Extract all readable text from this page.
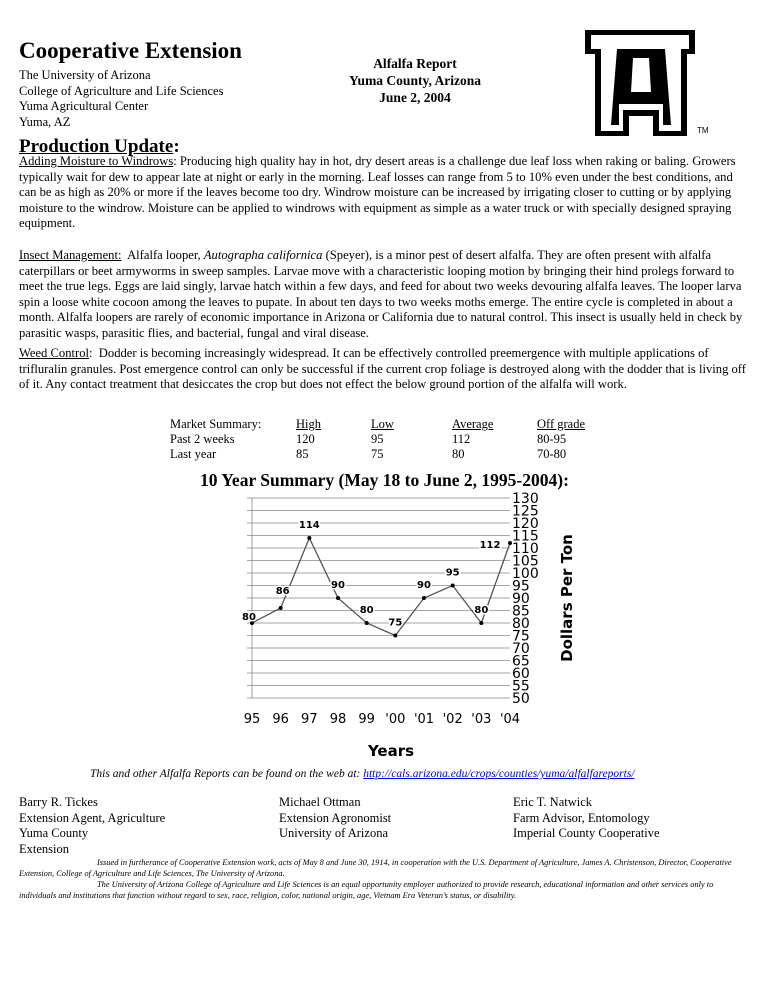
Cooperative Extension
The University of Arizona
College of Agriculture and Life Sciences
Yuma Agricultural Center
Yuma, AZ
Alfalfa Report
Yuma County, Arizona
June 2, 2004
TM
Production Update:
Adding Moisture to Windrows: Producing high quality hay in hot, dry desert areas is a challenge due leaf loss when raking or baling. Growers typically wait for dew to appear late at night or early in the morning. Leaf losses can range from 5 to 10% even under the best conditions, and can be as high as 20% or more if the leaves become too dry. Windrow moisture can be increased by irrigating closer to cutting or by applying moisture to the windrow. Moisture can be applied to windrows with equipment as simple as a water truck or with specially designed spraying equipment.
Insect Management: Alfalfa looper, Autographa californica (Speyer), is a minor pest of desert alfalfa. They are often present with alfalfa caterpillars or beet armyworms in sweep samples. Larvae move with a characteristic looping motion by bringing their hind prolegs forward to meet the true legs. Eggs are laid singly, larvae hatch within a few days, and feed for about two weeks devouring alfalfa leaves. The looper larva spin a loose white cocoon among the leaves to pupate. In about ten days to two weeks moths emerge. The entire cycle is completed in about a month. Alfalfa loopers are rarely of economic importance in Arizona or California due to natural control. This insect is usually held in check by parasitic wasps, parasitic flies, and bacterial, fungal and viral disease.
Weed Control:  Dodder is becoming increasingly widespread. It can be effectively controlled preemergence with multiple applications of trifluralin granules. Post emergence control can only be successful if the current crop foliage is destroyed along with the dodder that is living off of it. Any contact treatment that desiccates the crop but does not effect the below ground portion of the alfalfa will work.
Market Summary:
Past 2 weeks
Last year
High
120
85
Low
95
75
Average
112
80
Off grade
80-95
70-80
10 Year Summary (May 18 to June 2, 1995-2004):
130
125
120
115
110
105
100
95
90
85
80
75
70
65
60
55
50
95 96 97 98 99 '00 '01 '02 '03 '04
80
86
114
90
80
75
90
95
80
112
Years
Dollars Per Ton
This and other Alfalfa Reports can be found on the web at: http://cals.arizona.edu/crops/counties/yuma/alfalfareports/
Barry R. Tickes
Extension Agent, Agriculture
Yuma County
Extension
Michael Ottman
Extension Agronomist
University of Arizona
Eric T. Natwick
Farm Advisor, Entomology
Imperial County Cooperative

Issued in furtherance of Cooperative Extension work, acts of May 8 and June 30, 1914, in cooperation with the U.S. Department of Agriculture, James A. Christenson, Director, Cooperative Extension, College of Agriculture and Life Sciences, The University of Arizona.

The University of Arizona College of Agriculture and Life Sciences is an equal opportunity employer authorized to provide research, educational information and other services only to individuals and institutions that function without regard to sex, race, religion, color, national origin, age, Vietnam Era Veteran’s status, or disability.
